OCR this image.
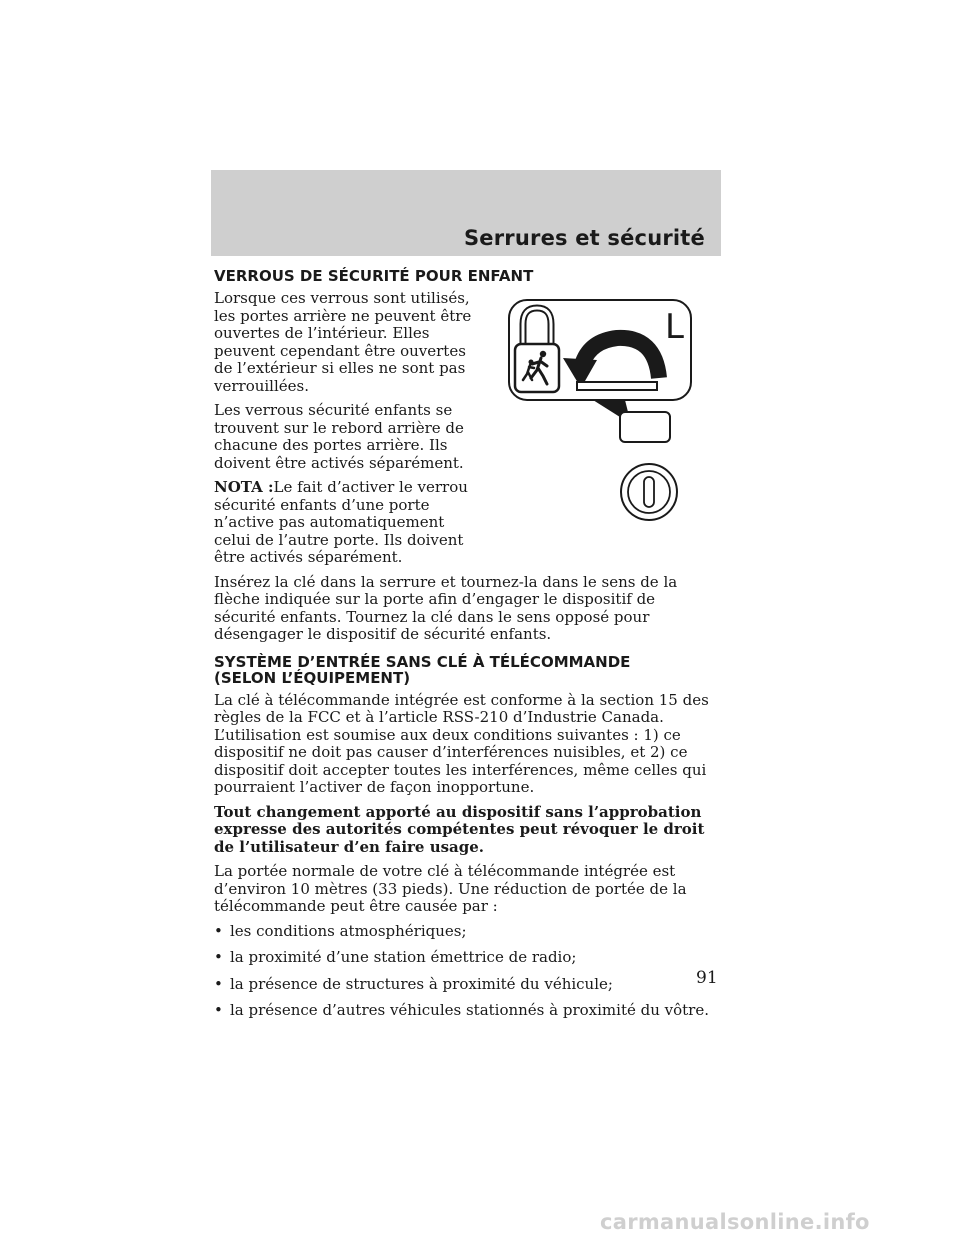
Serrures et sécurité
VERROUS DE SÉCURITÉ POUR ENFANT

Lorsque ces verrous sont utilisés, les portes arrière ne peuvent être ouvertes de l’intérieur. Elles peuvent cependant être ouvertes de l’extérieur si elles ne sont pas verrouillées.

Les verrous sécurité enfants se trouvent sur le rebord arrière de chacune des portes arrière. Ils doivent être activés séparément.

NOTA :Le fait d’activer le verrou sécurité enfants d’une porte n’active pas automatiquement celui de l’autre porte. Ils doivent être activés séparément.

Insérez la clé dans la serrure et tournez-la dans le sens de la flèche indiquée sur la porte afin d’engager le dispositif de sécurité enfants. Tournez la clé dans le sens opposé pour désengager le dispositif de sécurité enfants.

SYSTÈME D’ENTRÉE SANS CLÉ À TÉLÉCOMMANDE
(SELON L’ÉQUIPEMENT)

La clé à télécommande intégrée est conforme à la section 15 des règles de la FCC et à l’article RSS-210 d’Industrie Canada. L’utilisation est soumise aux deux conditions suivantes : 1) ce dispositif ne doit pas causer d’interférences nuisibles, et 2) ce dispositif doit accepter toutes les interférences, même celles qui pourraient l’activer de façon inopportune.

Tout changement apporté au dispositif sans l’approbation expresse des autorités compétentes peut révoquer le droit de l’utilisateur d’en faire usage.

La portée normale de votre clé à télécommande intégrée est d’environ 10 mètres (33 pieds). Une réduction de portée de la télécommande peut être causée par :

• les conditions atmosphériques;
• la proximité d’une station émettrice de radio;
• la présence de structures à proximité du véhicule;
• la présence d’autres véhicules stationnés à proximité du vôtre.
L
91
carmanualsonline.info
